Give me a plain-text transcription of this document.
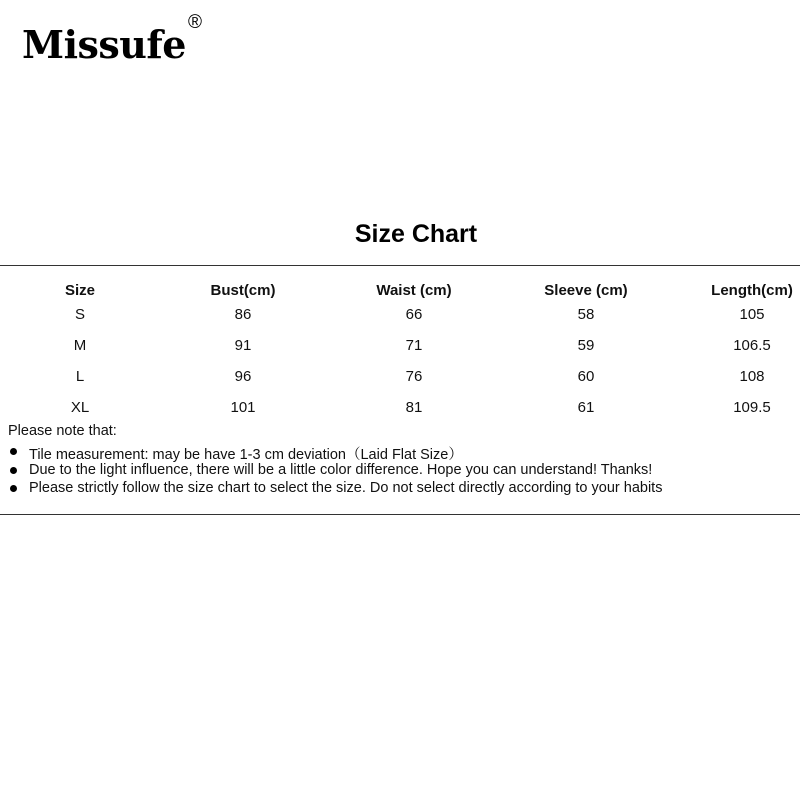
Missufe ®
Size Chart
Size	Bust(cm)	Waist (cm)	Sleeve (cm)	Length(cm)
S	86	66	58	105
M	91	71	59	106.5
L	96	76	60	108
XL	101	81	61	109.5
Please note that:
Tile measurement: may be have 1-3 cm deviation（Laid Flat Size）
Due to the light influence, there will be a little color difference. Hope you can understand! Thanks!
Please strictly follow the size chart to select the size. Do not select directly according to your habits
